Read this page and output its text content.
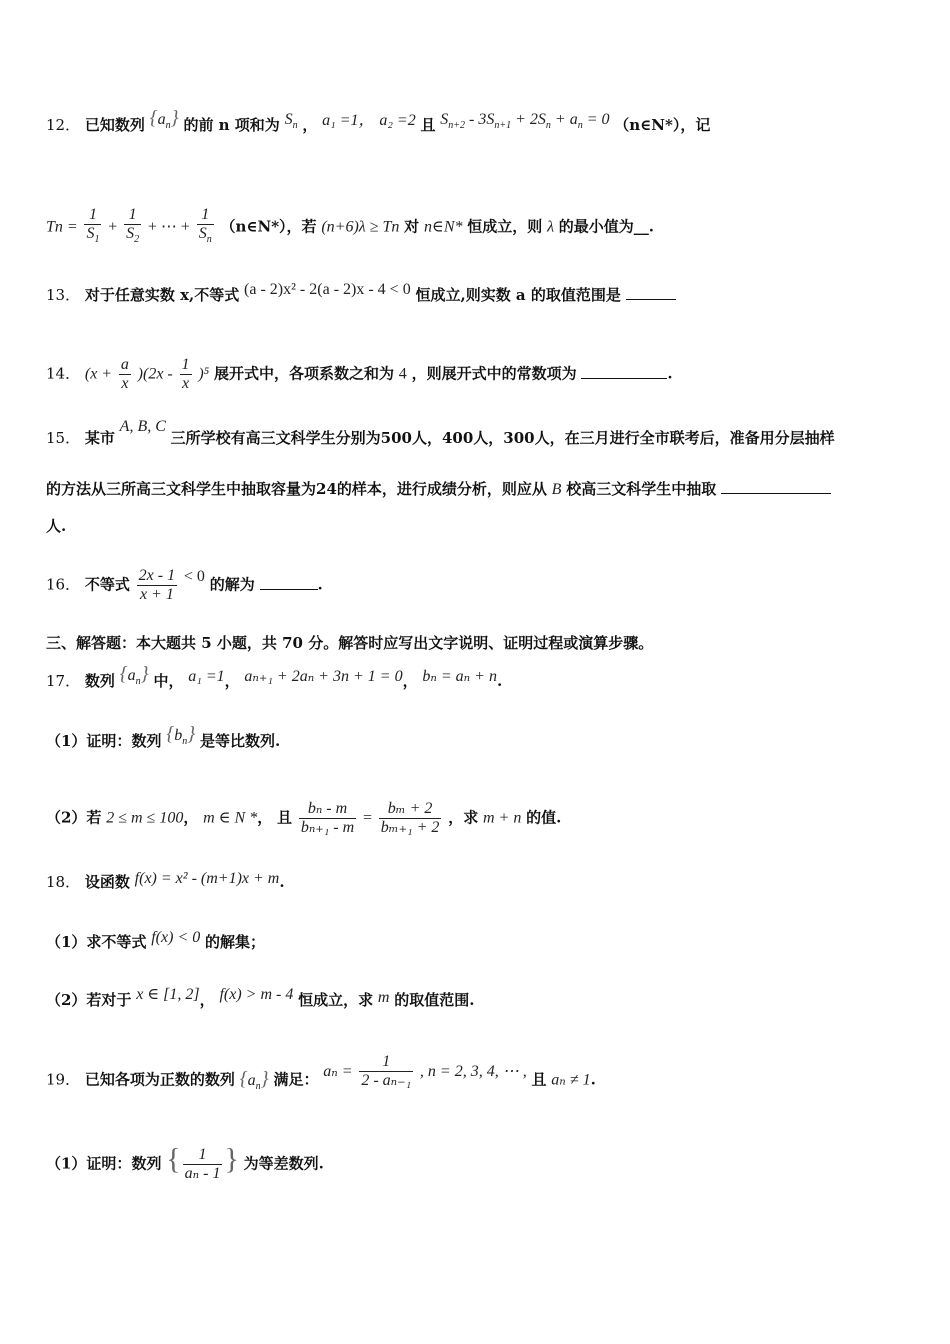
12． 已知数列 $\{a_n\}$ 的前 n 项和为 $S_n$ ， a₁ =1， a₂ =2 且 $S_{n+2} - 3S_{n+1} + 2S_n + a_n = 0$ （n∈N*），记
$Tn = \frac{1}{S_1} + \frac{1}{S_2}$ + ⋯ + $\frac{1}{S_n}$ （n∈N*），若 (n+6)λ ≥ Tn 对 n∈N* 恒成立，则 λ 的最小值为__.
13． 对于任意实数 x,不等式 (a - 2)x² - 2(a - 2)x - 4 < 0 恒成立,则实数 a 的取值范围是
14． $(x + \frac{a}{x} )(2x - \frac{1}{x} )^5$ 展开式中，各项系数之和为 4 ，则展开式中的常数项为	.
15． 某市 A, B, C 三所学校有高三文科学生分别为500人，400人，300人，在三月进行全市联考后，准备用分层抽样
的方法从三所高三文科学生中抽取容量为24的样本，进行成绩分析，则应从 B 校高三文科学生中抽取
人.
16． 不等式 $\frac{2x - 1}{x + 1} < 0$ 的解为	.
三、解答题：本大题共 5 小题，共 70 分。解答时应写出文字说明、证明过程或演算步骤。
17． 数列 $\{a_n\}$ 中， a₁ =1， aₙ₊₁ + 2aₙ + 3n + 1 = 0， bₙ = aₙ + n.
（1）证明：数列 $\{b_n\}$ 是等比数列.
（2）若 2 ≤ m ≤ 100， m ∈ N *， 且 $\frac{\text{bₙ - m}}{\text{bₙ₊₁ - m}} = \frac{\text{bₘ + 2}}{\text{bₘ₊₁ + 2}}$ ，求 m + n 的值.
18． 设函数 f(x) = x² - (m+1)x + m.
（1）求不等式 f(x) < 0 的解集；
（2）若对于 x ∈ [1, 2]， f(x) > m - 4 恒成立，求 m 的取值范围.
19． 已知各项为正数的数列 $\{a_n\}$ 满足： $a_n = \frac{1}{\text{2 - aₙ₋₁}}$ , n = 2, 3, 4, ⋯ , 且 aₙ ≠ 1.
（1）证明：数列 { $\frac{1}{\text{aₙ - 1}}$ } 为等差数列.
